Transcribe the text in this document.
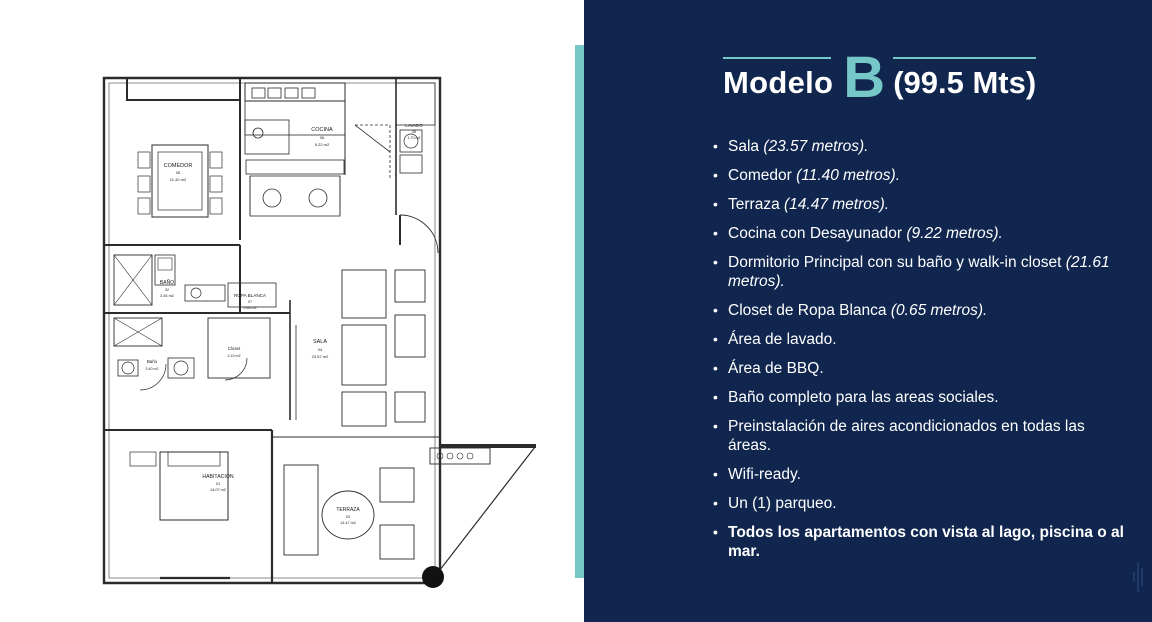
COMEDOR
05
11.40 m2
COCINA
06
9.22 m2
LAVADO
08
1.70 m2
BAÑO
02
3.45 m2	ROPA BLANCA
07
0.65 m2
SALA
04
23.57 m2
Closet
2.19 m2
Baño
3.40 m2
HABITACION
01
14.07 m2
TERRAZA
03
14.47 m2
Modelo B (99.5 Mts)
• Sala (23.57 metros).
• Comedor (11.40 metros).
• Terraza (14.47 metros).
• Cocina con Desayunador (9.22 metros).
• Dormitorio Principal con su baño y walk-in closet (21.61 metros).
• Closet de Ropa Blanca (0.65 metros).
• Área de lavado.
• Área de BBQ.
• Baño completo para las areas sociales.
• Preinstalación de aires acondicionados en todas las áreas.
• Wifi-ready.
• Un (1) parqueo.
• Todos los apartamentos con vista al lago, piscina o al mar.
